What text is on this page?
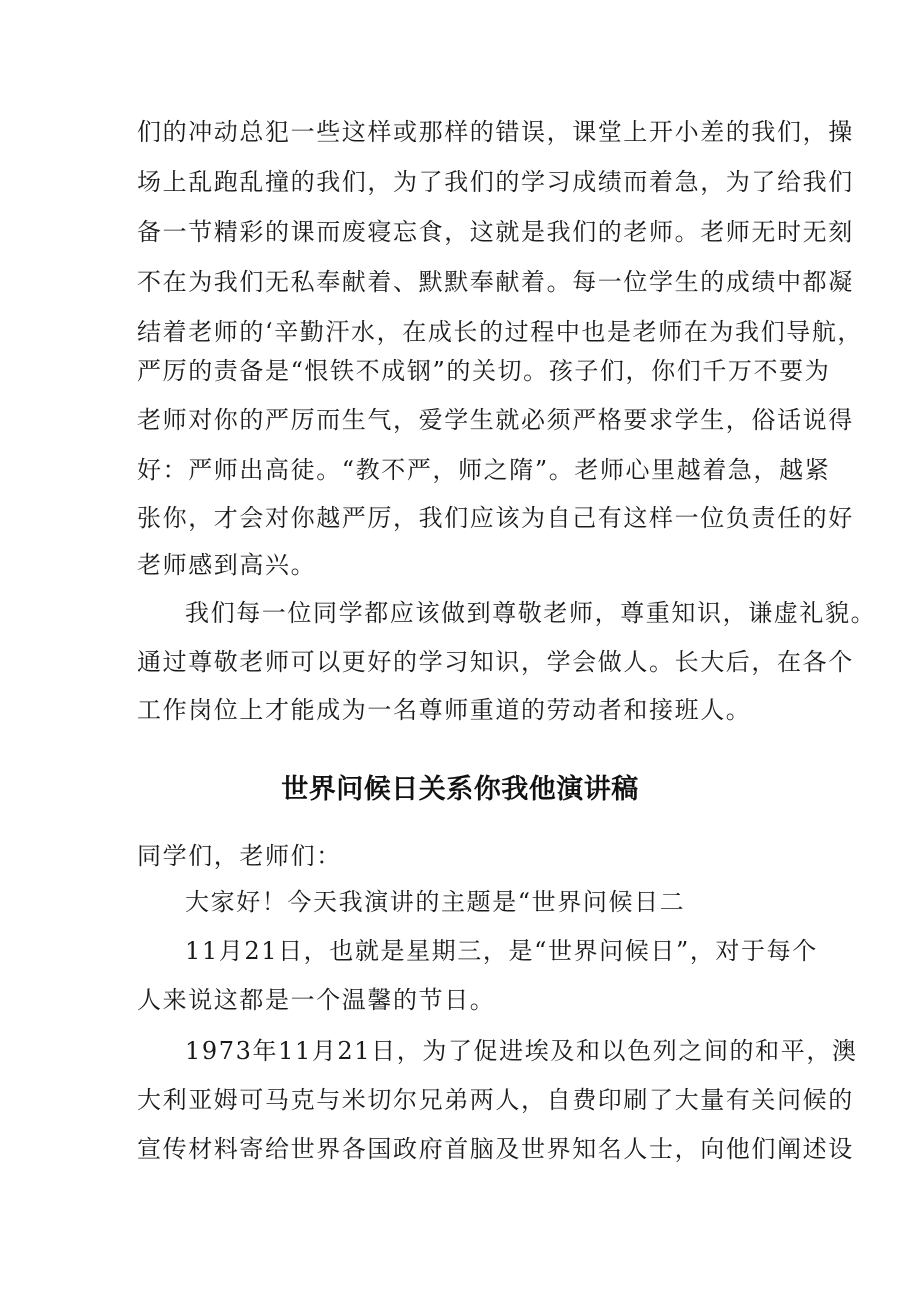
们的冲动总犯一些这样或那样的错误，课堂上开小差的我们，操

场上乱跑乱撞的我们，为了我们的学习成绩而着急，为了给我们

备一节精彩的课而废寝忘食，这就是我们的老师。老师无时无刻

不在为我们无私奉献着、默默奉献着。每一位学生的成绩中都凝

结着老师的‘辛勤汗水，在成长的过程中也是老师在为我们导航，

严厉的责备是“恨铁不成钢”的关切。孩子们，你们千万不要为

老师对你的严厉而生气，爱学生就必须严格要求学生，俗话说得

好：严师出高徒。“教不严，师之隋”。老师心里越着急，越紧

张你，才会对你越严厉，我们应该为自己有这样一位负责任的好

老师感到高兴。

我们每一位同学都应该做到尊敬老师，尊重知识，谦虚礼貌。

通过尊敬老师可以更好的学习知识，学会做人。长大后，在各个

工作岗位上才能成为一名尊师重道的劳动者和接班人。

世界问候日关系你我他演讲稿

同学们，老师们：

大家好！今天我演讲的主题是“世界问候日二

11月21日，也就是星期三，是“世界问候日”，对于每个

人来说这都是一个温馨的节日。

1973年11月21日，为了促进埃及和以色列之间的和平，澳

大利亚姆可马克与米切尔兄弟两人，自费印刷了大量有关问候的

宣传材料寄给世界各国政府首脑及世界知名人士，向他们阐述设
